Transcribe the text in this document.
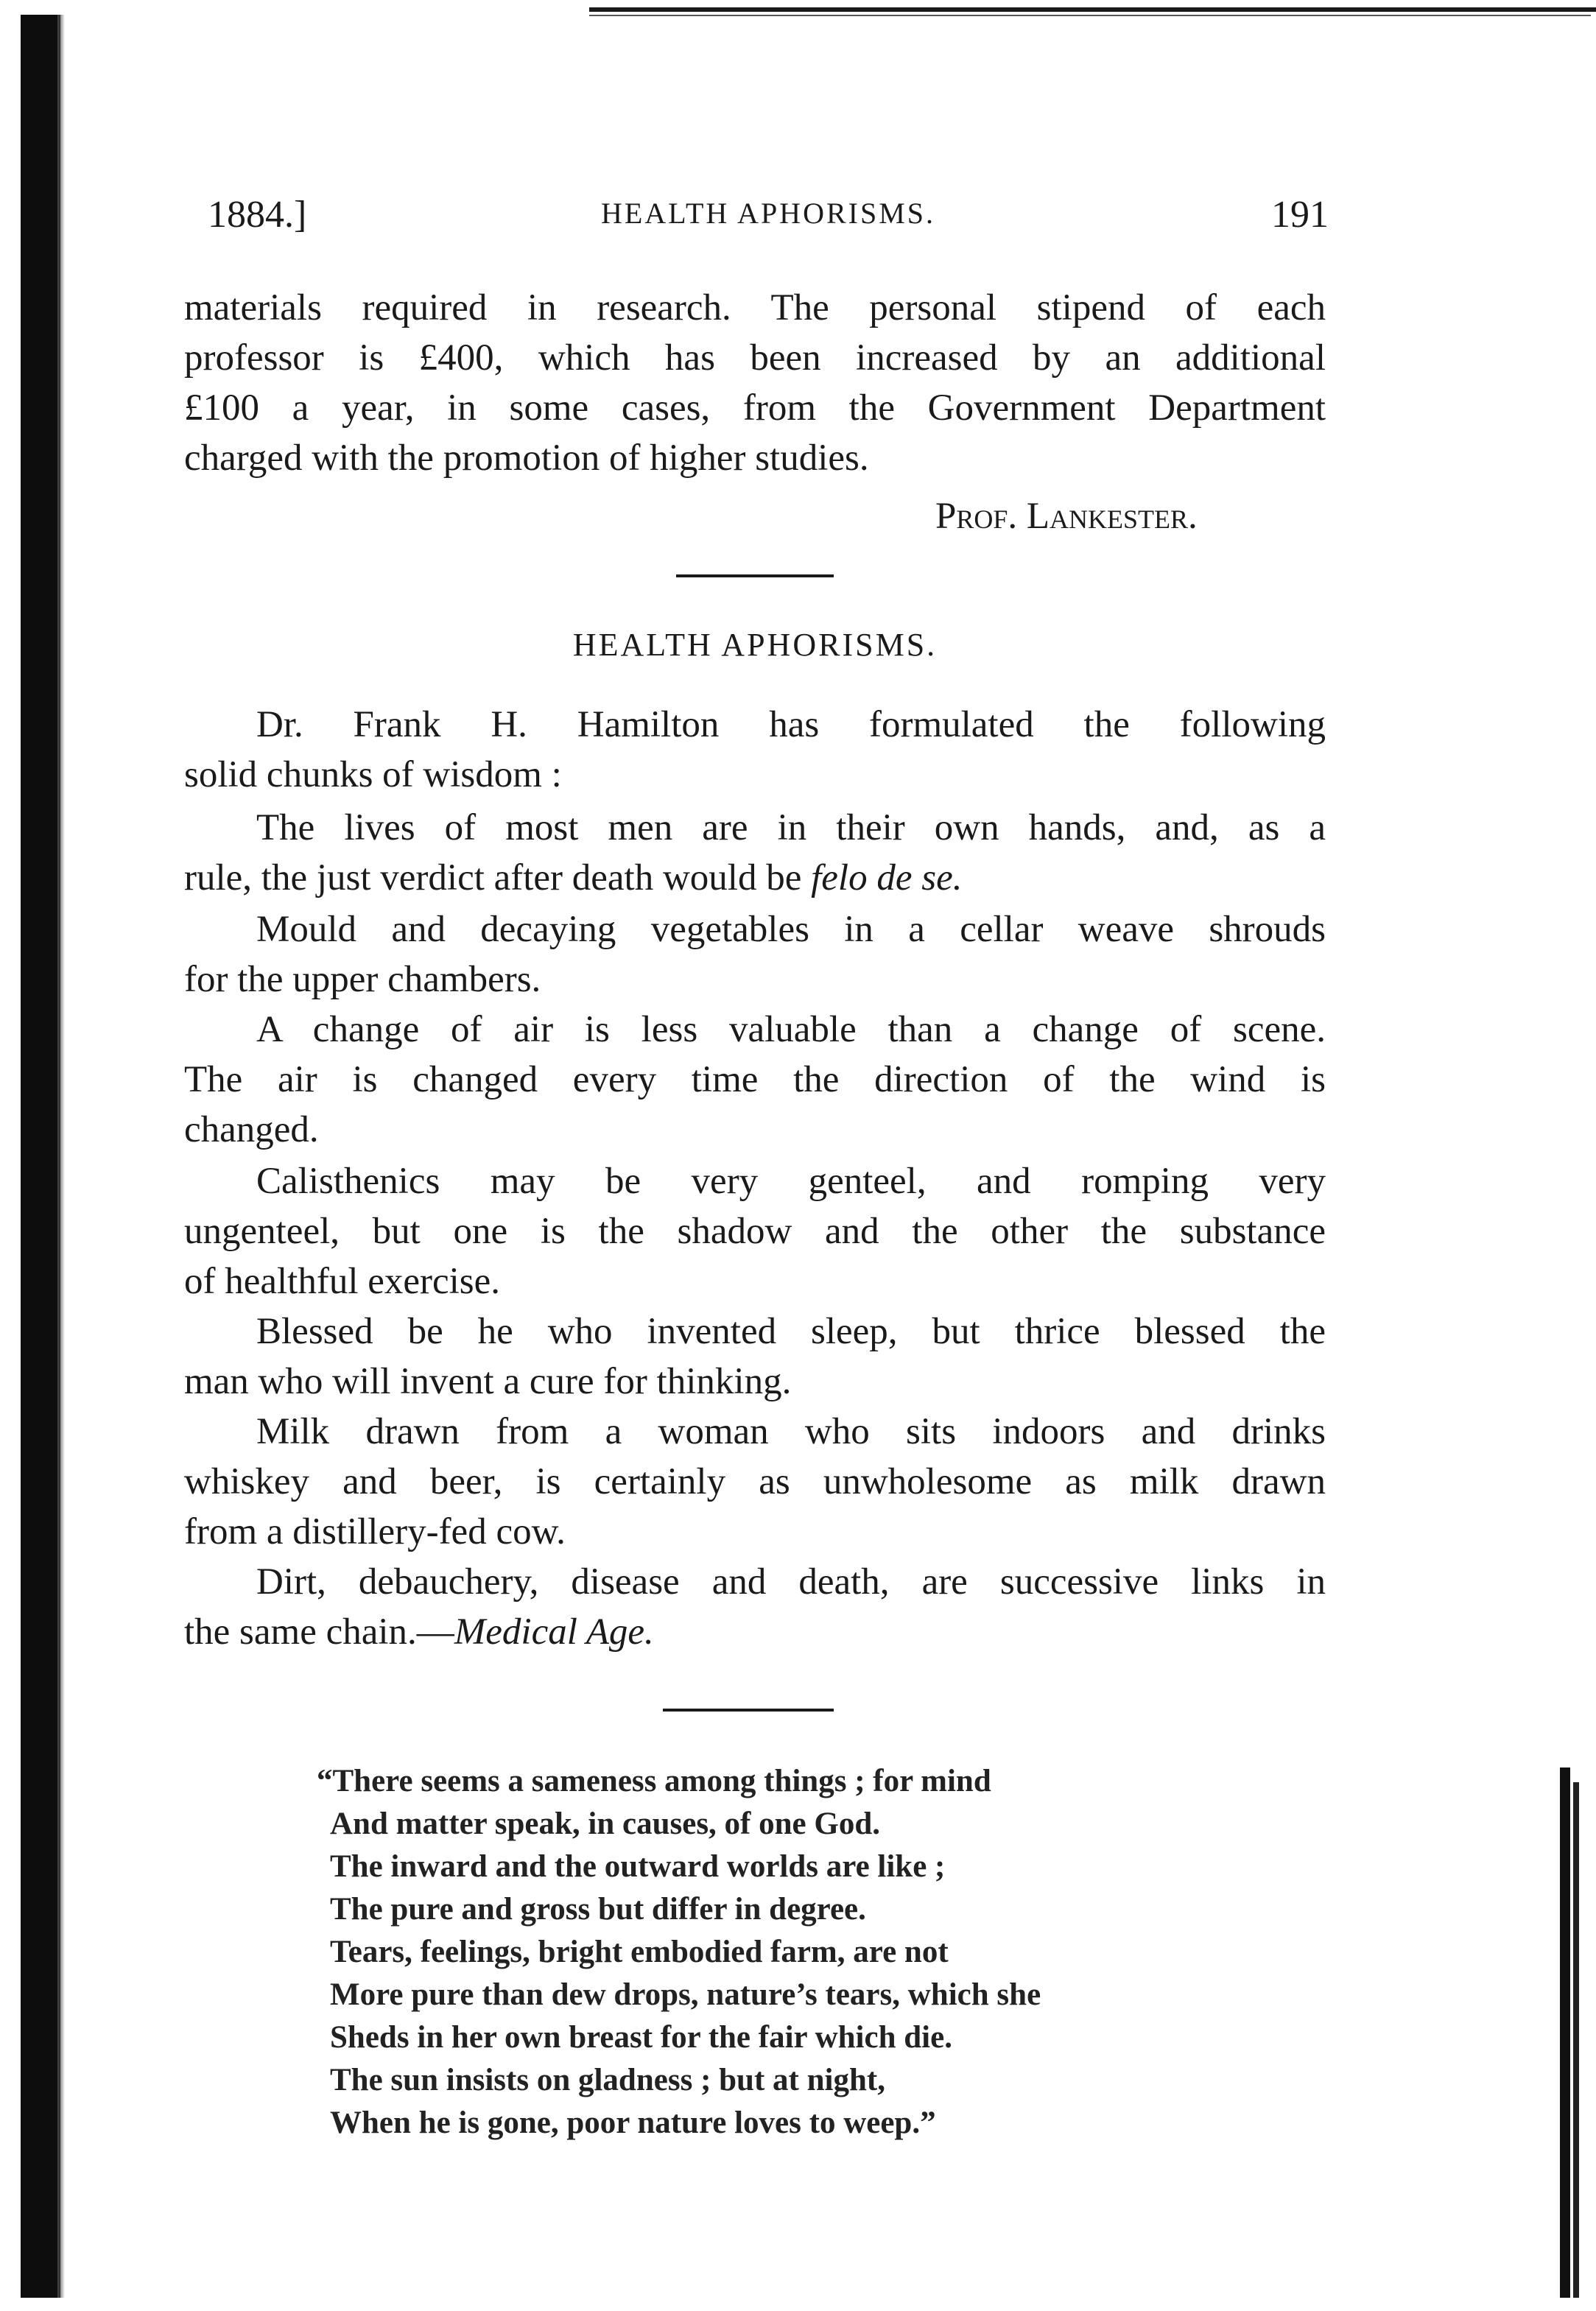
1884.]	HEALTH APHORISMS.	191
materials required in research. The personal stipend of each
professor is £400, which has been increased by an additional
£100 a year, in some cases, from the Government Department
charged with the promotion of higher studies.
Prof. Lankester.
HEALTH APHORISMS.
Dr. Frank H. Hamilton has formulated the following
solid chunks of wisdom :
The lives of most men are in their own hands, and, as a
rule, the just verdict after death would be felo de se.
Mould and decaying vegetables in a cellar weave shrouds
for the upper chambers.
A change of air is less valuable than a change of scene.
The air is changed every time the direction of the wind is
changed.
Calisthenics may be very genteel, and romping very
ungenteel, but one is the shadow and the other the substance
of healthful exercise.
Blessed be he who invented sleep, but thrice blessed the
man who will invent a cure for thinking.
Milk drawn from a woman who sits indoors and drinks
whiskey and beer, is certainly as unwholesome as milk drawn
from a distillery-fed cow.
Dirt, debauchery, disease and death, are successive links in
the same chain.—Medical Age.
“There seems a sameness among things ; for mind
And matter speak, in causes, of one God.
The inward and the outward worlds are like ;
The pure and gross but differ in degree.
Tears, feelings, bright embodied farm, are not
More pure than dew drops, nature’s tears, which she
Sheds in her own breast for the fair which die.
The sun insists on gladness ; but at night,
When he is gone, poor nature loves to weep.”
